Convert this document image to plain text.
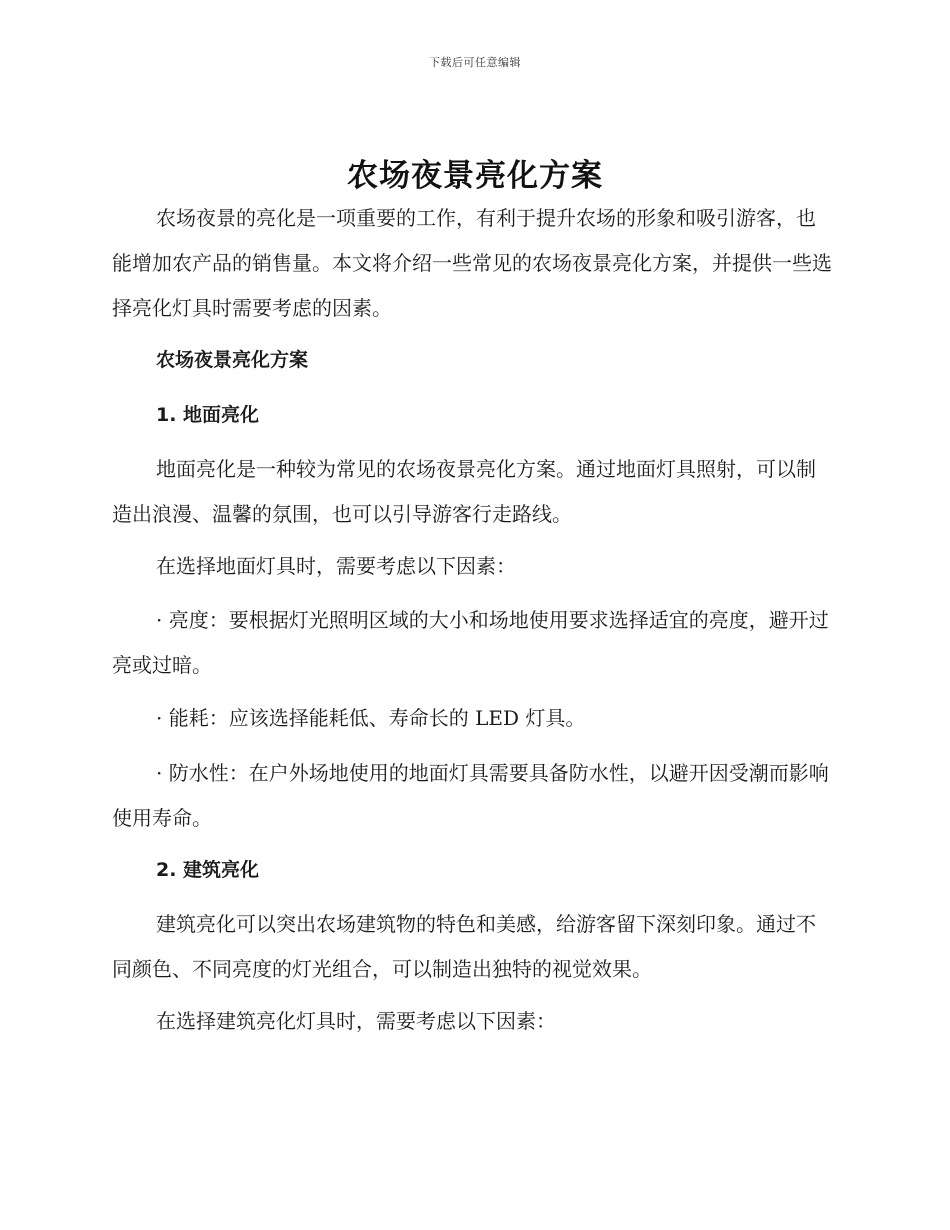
下载后可任意编辑
农场夜景亮化方案

农场夜景的亮化是一项重要的工作，有利于提升农场的形象和吸引游客，也能增加农产品的销售量。本文将介绍一些常见的农场夜景亮化方案，并提供一些选择亮化灯具时需要考虑的因素。

农场夜景亮化方案

1. 地面亮化

地面亮化是一种较为常见的农场夜景亮化方案。通过地面灯具照射，可以制造出浪漫、温馨的氛围，也可以引导游客行走路线。

在选择地面灯具时，需要考虑以下因素：

· 亮度：要根据灯光照明区域的大小和场地使用要求选择适宜的亮度，避开过亮或过暗。

· 能耗：应该选择能耗低、寿命长的 LED 灯具。

· 防水性：在户外场地使用的地面灯具需要具备防水性，以避开因受潮而影响使用寿命。

2. 建筑亮化

建筑亮化可以突出农场建筑物的特色和美感，给游客留下深刻印象。通过不同颜色、不同亮度的灯光组合，可以制造出独特的视觉效果。

在选择建筑亮化灯具时，需要考虑以下因素：
